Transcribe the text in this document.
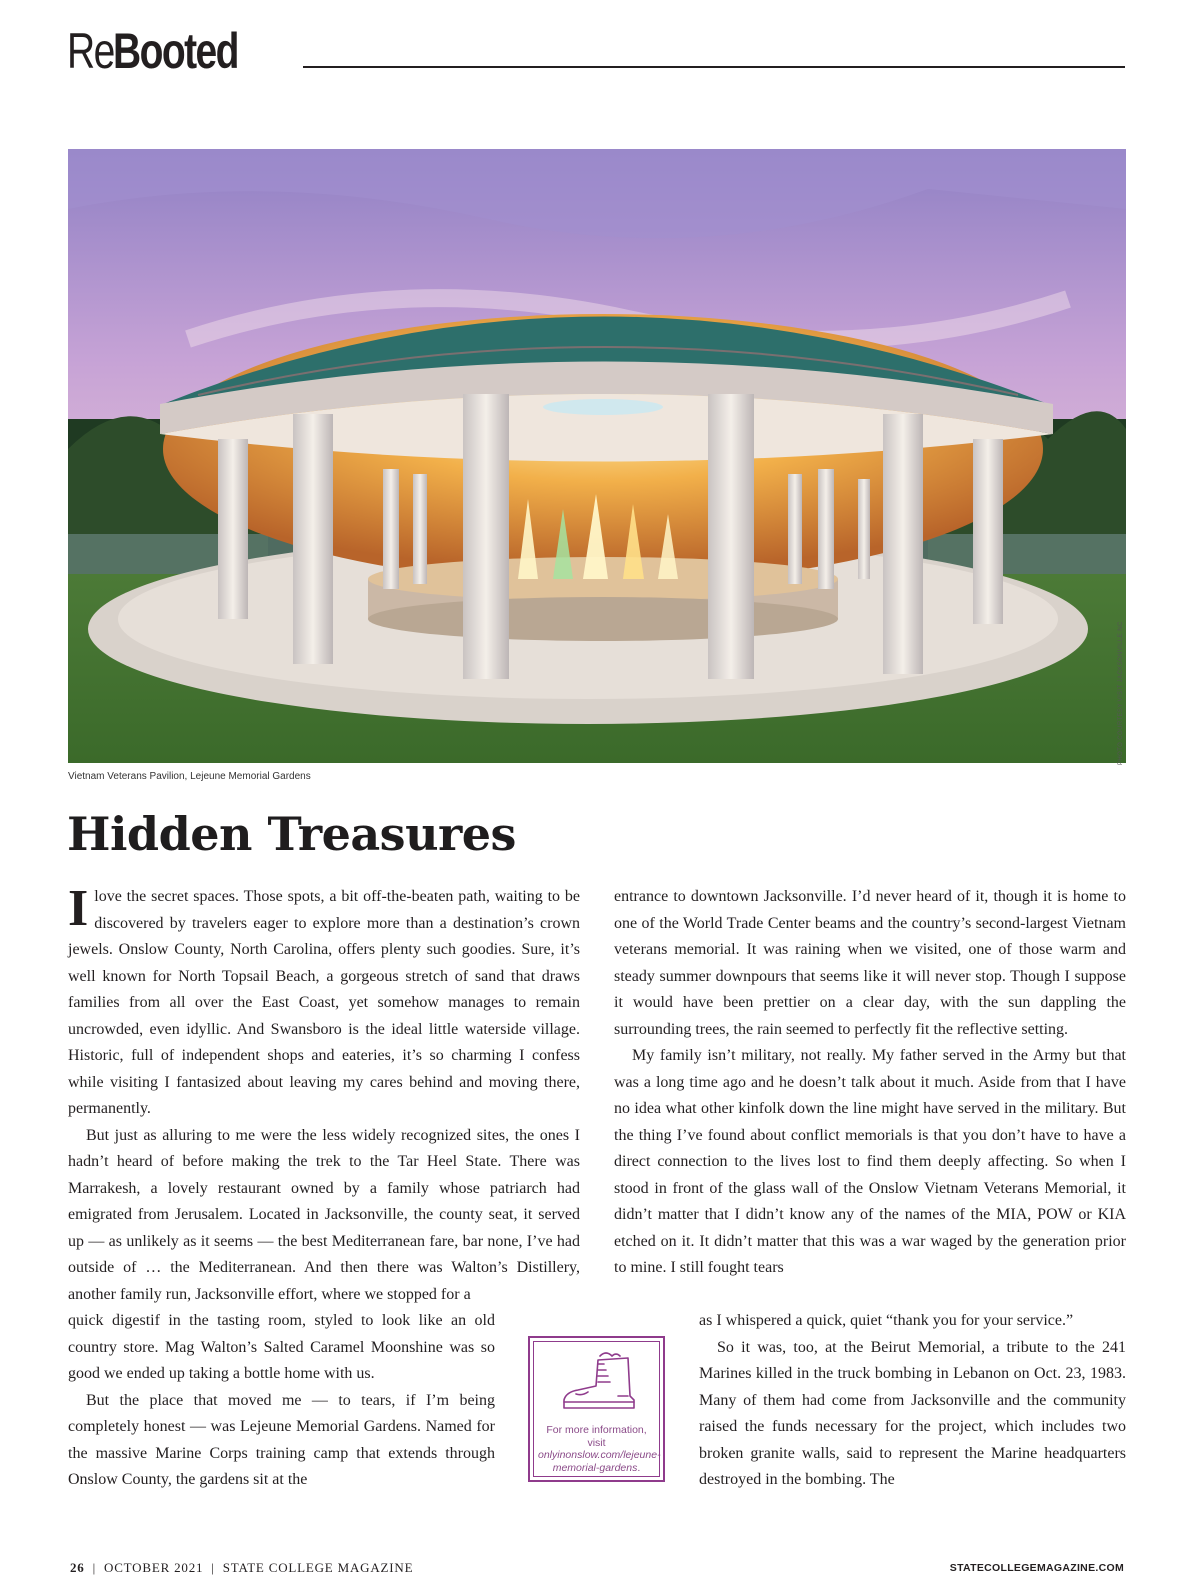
Re Booted
PHOTO COURTESY VISIT JACKSONVILLE NC
Vietnam Veterans Pavilion, Lejeune Memorial Gardens
Hidden Treasures

I love the secret spaces. Those spots, a bit off-the-beaten path, waiting to be discovered by travelers eager to explore more than a destination’s crown jewels. Onslow County, North Carolina, offers plenty such goodies. Sure, it’s well known for North Topsail Beach, a gorgeous stretch of sand that draws families from all over the East Coast, yet somehow manages to remain uncrowded, even idyllic. And Swansboro is the ideal little waterside village. Historic, full of independent shops and eateries, it’s so charming I confess while visiting I fantasized about leaving my cares behind and moving there, permanently.

But just as alluring to me were the less widely recognized sites, the ones I hadn’t heard of before making the trek to the Tar Heel State. There was Marrakesh, a lovely restaurant owned by a family whose patriarch had emigrated from Jerusalem. Located in Jacksonville, the county seat, it served up — as unlikely as it seems — the best Mediterranean fare, bar none, I’ve had outside of … the Mediterranean. And then there was Walton’s Distillery, another family run, Jacksonville effort, where we stopped for a

quick digestif in the tasting room, styled to look like an old country store. Mag Walton’s Salted Caramel Moonshine was so good we ended up taking a bottle home with us.

But the place that moved me — to tears, if I’m being completely honest — was Lejeune Memorial Gardens. Named for the massive Marine Corps training camp that extends through Onslow County, the gardens sit at the

entrance to downtown Jacksonville. I’d never heard of it, though it is home to one of the World Trade Center beams and the country’s second-largest Vietnam veterans memorial. It was raining when we visited, one of those warm and steady summer downpours that seems like it will never stop. Though I suppose it would have been prettier on a clear day, with the sun dappling the surrounding trees, the rain seemed to perfectly fit the reflective setting.

My family isn’t military, not really. My father served in the Army but that was a long time ago and he doesn’t talk about it much. Aside from that I have no idea what other kinfolk down the line might have served in the military. But the thing I’ve found about conflict memorials is that you don’t have to have a direct connection to the lives lost to find them deeply affecting. So when I stood in front of the glass wall of the Onslow Vietnam Veterans Memorial, it didn’t matter that I didn’t know any of the names of the MIA, POW or KIA etched on it. It didn’t matter that this was a war waged by the generation prior to mine. I still fought tears

as I whispered a quick, quiet “thank you for your service.”

So it was, too, at the Beirut Memorial, a tribute to the 241 Marines killed in the truck bombing in Lebanon on Oct. 23, 1983. Many of them had come from Jacksonville and the community raised the funds necessary for the project, which includes two broken granite walls, said to represent the Marine headquarters destroyed in the bombing. The

For more information, visit onlyinonslow.com/lejeune-memorial-gardens.
26 | OCTOBER 2021 | STATE COLLEGE MAGAZINE	STATECOLLEGEMAGAZINE.COM
